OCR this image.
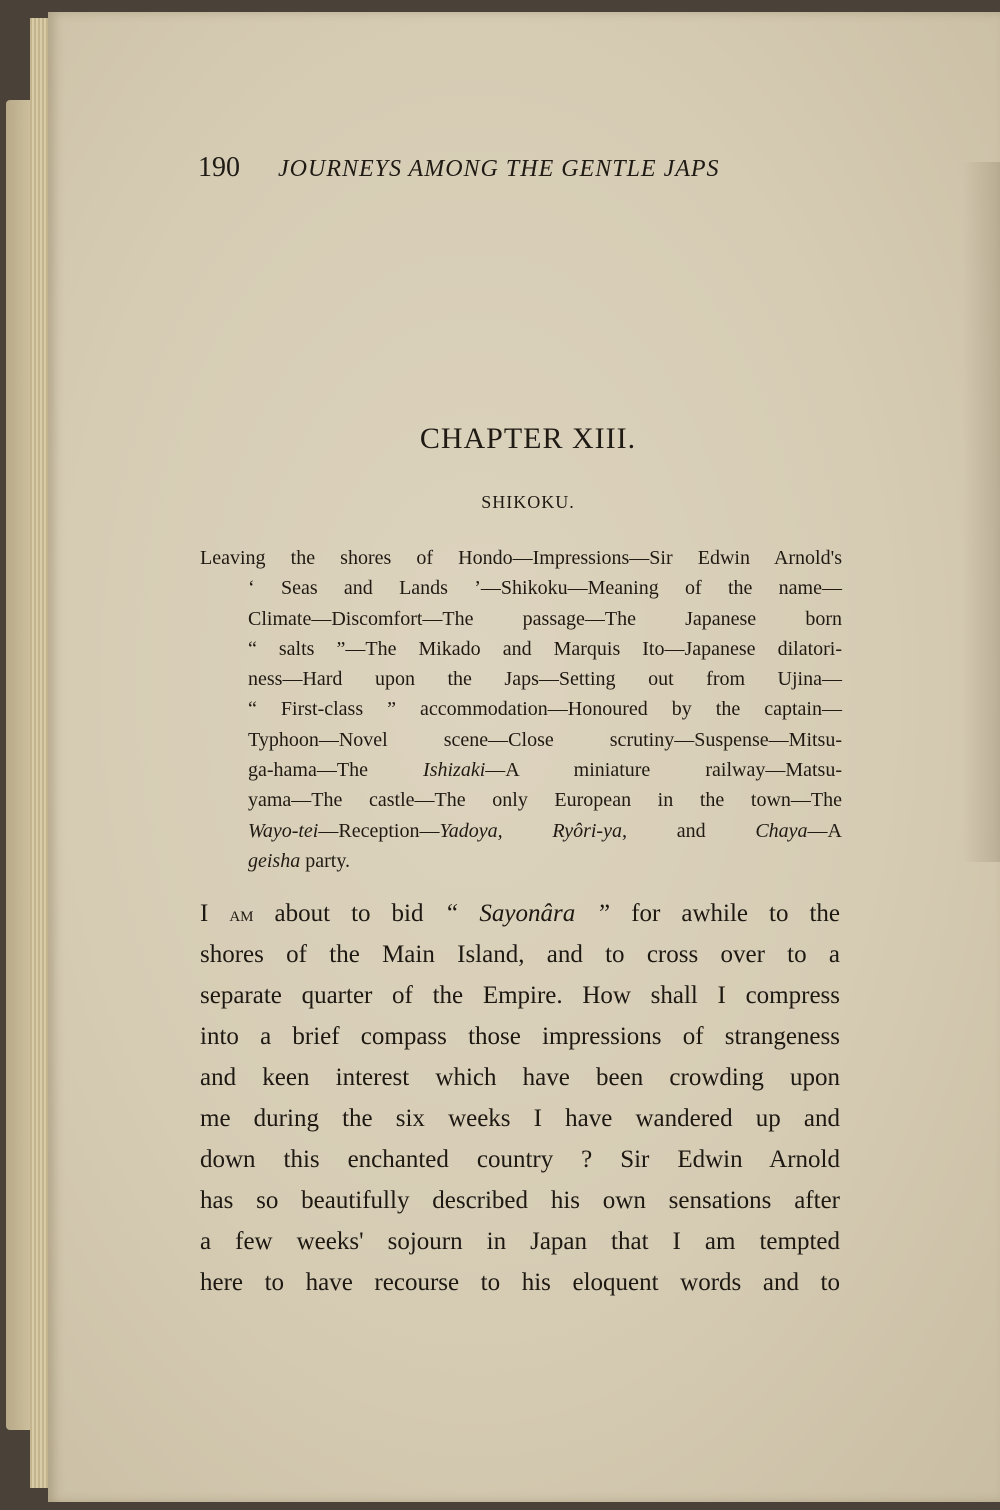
190 JOURNEYS AMONG THE GENTLE JAPS
CHAPTER XIII.
SHIKOKU.
Leaving the shores of Hondo—Impressions—Sir Edwin Arnold's
‘ Seas and Lands ’—Shikoku—Meaning of the name—
Climate—Discomfort—The passage—The Japanese born
“ salts ”—The Mikado and Marquis Ito—Japanese dilatori-
ness—Hard upon the Japs—Setting out from Ujina—
“ First-class ” accommodation—Honoured by the captain—
Typhoon—Novel scene—Close scrutiny—Suspense—Mitsu-
ga-hama—The	Ishizaki—A miniature railway—Matsu-
yama—The castle—The only European in the town—The
Wayo-tei—Reception—Yadoya, Ryôri-ya, and Chaya—A
geisha party.
I am about to bid “ Sayonâra ” for awhile to the
shores of the Main Island, and to cross over to a
separate quarter of the Empire. How shall I compress
into a brief compass those impressions of strangeness
and keen interest which have been crowding upon
me during the six weeks I have wandered up and
down this enchanted country ? Sir Edwin Arnold
has so beautifully described his own sensations after
a few weeks' sojourn in Japan that I am tempted
here to have recourse to his eloquent words and to
